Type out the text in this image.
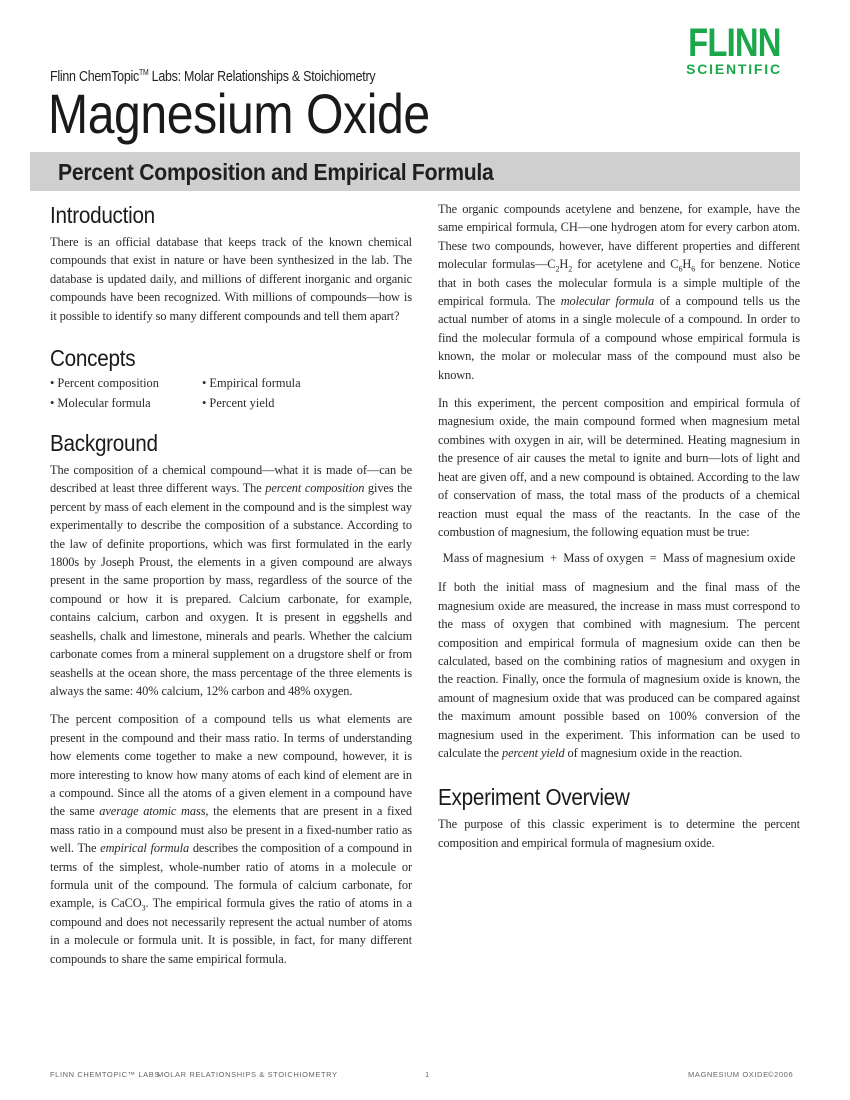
Flinn ChemTopic™ Labs: Molar Relationships & Stoichiometry
Magnesium Oxide
FLINN
SCIENTIFIC
Percent Composition and Empirical Formula
Introduction

There is an official database that keeps track of the known chemical compounds that exist in nature or have been synthesized in the lab. The database is updated daily, and millions of different inorganic and organic compounds have been recognized. With millions of compounds—how is it possible to identify so many different compounds and tell them apart?

Concepts
• Percent composition	• Empirical formula
• Molecular formula	• Percent yield
Background

The composition of a chemical compound—what it is made of—can be described at least three different ways. The percent composition gives the percent by mass of each element in the compound and is the simplest way experimentally to describe the composition of a substance. According to the law of definite proportions, which was first formulated in the early 1800s by Joseph Proust, the elements in a given compound are always present in the same proportion by mass, regardless of the source of the compound or how it is prepared. Calcium carbonate, for example, contains calcium, carbon and oxygen. It is present in eggshells and seashells, chalk and limestone, minerals and pearls. Whether the calcium carbonate comes from a mineral supplement on a drugstore shelf or from seashells at the ocean shore, the mass percentage of the three elements is always the same: 40% calcium, 12% carbon and 48% oxygen.

The percent composition of a compound tells us what elements are present in the compound and their mass ratio. In terms of understanding how elements come together to make a new compound, however, it is more interesting to know how many atoms of each kind of element are in a compound. Since all the atoms of a given element in a compound have the same average atomic mass, the elements that are present in a fixed mass ratio in a compound must also be present in a fixed-number ratio as well. The empirical formula describes the composition of a compound in terms of the simplest, whole-number ratio of atoms in a molecule or formula unit of the compound. The formula of calcium carbonate, for example, is CaCO$_3$. The empirical formula gives the ratio of atoms in a compound and does not necessarily represent the actual number of atoms in a molecule or formula unit. It is possible, in fact, for many different compounds to share the same empirical formula.

The organic compounds acetylene and benzene, for example, have the same empirical formula, CH—one hydrogen atom for every carbon atom. These two compounds, however, have different properties and different molecular $formulas—C_2H_2$ for acetylene and $C_6H_6$ for benzene. Notice that in both cases the molecular formula is a simple multiple of the empirical formula. The molecular formula of a compound tells us the actual number of atoms in a single molecule of a compound. In order to find the molecular formula of a compound whose empirical formula is known, the molar or molecular mass of the compound must also be known.

In this experiment, the percent composition and empirical formula of magnesium oxide, the main compound formed when magnesium metal combines with oxygen in air, will be determined. Heating magnesium in the presence of air causes the metal to ignite and burn—lots of light and heat are given off, and a new compound is obtained. According to the law of conservation of mass, the total mass of the products of a chemical reaction must equal the mass of the reactants. In the case of the combustion of magnesium, the following equation must be true:

Mass of magnesium + Mass of oxygen = Mass of magnesium oxide

If both the initial mass of magnesium and the final mass of the magnesium oxide are measured, the increase in mass must correspond to the mass of oxygen that combined with magnesium. The percent composition and empirical formula of magnesium oxide can then be calculated, based on the combining ratios of magnesium and oxygen in the reaction. Finally, once the formula of magnesium oxide is known, the amount of magnesium oxide that was produced can be compared against the maximum amount possible based on 100% conversion of the magnesium used in the experiment. This information can be used to calculate the percent yield of magnesium oxide in the reaction.

Experiment Overview

The purpose of this classic experiment is to determine the percent composition and empirical formula of magnesium oxide.

FLINN CHEMTOPIC™ LABS
MOLAR RELATIONSHIPS & STOICHIOMETRY	1	MAGNESIUM OXIDE ©2006
